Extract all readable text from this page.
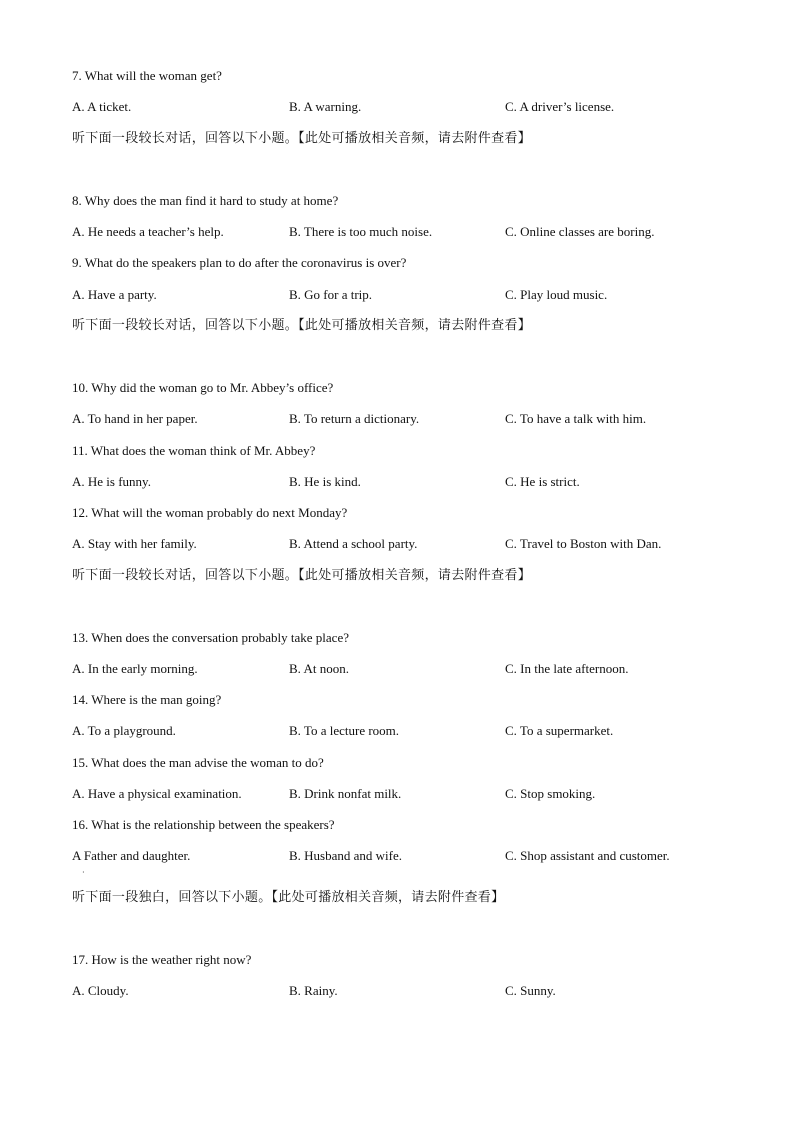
7. What will the woman get?
A. A ticket.	B. A warning.	C. A driver’s license.
听下面一段较长对话，回答以下小题。【此处可播放相关音频，请去附件查看】
8. Why does the man find it hard to study at home?
A. He needs a teacher’s help.	B. There is too much noise.	C. Online classes are boring.
9. What do the speakers plan to do after the coronavirus is over?
A. Have a party.	B. Go for a trip.	C. Play loud music.
听下面一段较长对话，回答以下小题。【此处可播放相关音频，请去附件查看】
10. Why did the woman go to Mr. Abbey’s office?
A. To hand in her paper.	B. To return a dictionary.	C. To have a talk with him.
11. What does the woman think of Mr. Abbey?
A. He is funny.	B. He is kind.	C. He is strict.
12. What will the woman probably do next Monday?
A. Stay with her family.	B. Attend a school party.	C. Travel to Boston with Dan.
听下面一段较长对话，回答以下小题。【此处可播放相关音频，请去附件查看】
13. When does the conversation probably take place?
A. In the early morning.	B. At noon.	C. In the late afternoon.
14. Where is the man going?
A. To a playground.	B. To a lecture room.	C. To a supermarket.
15. What does the man advise the woman to do?
A. Have a physical examination.	B. Drink nonfat milk.	C. Stop smoking.
16. What is the relationship between the speakers?
A Father and daughter.	B. Husband and wife.	C. Shop assistant and customer.
·
听下面一段独白，回答以下小题。【此处可播放相关音频，请去附件查看】
17. How is the weather right now?
A. Cloudy.	B. Rainy.	C. Sunny.
